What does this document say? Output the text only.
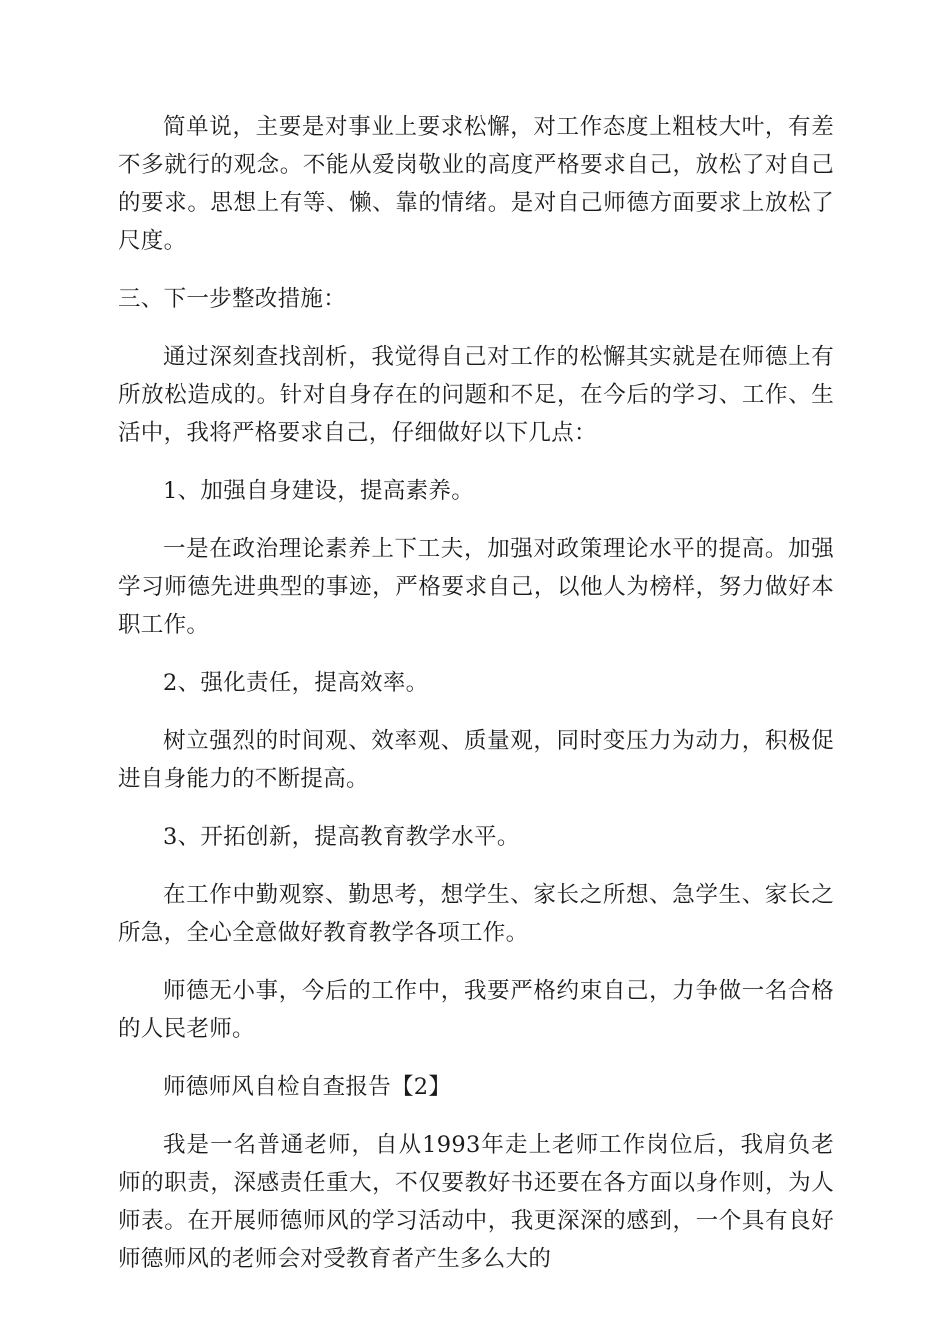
简单说，主要是对事业上要求松懈，对工作态度上粗枝大叶，有差不多就行的观念。不能从爱岗敬业的高度严格要求自己，放松了对自己的要求。思想上有等、懒、靠的情绪。是对自己师德方面要求上放松了尺度。

三、下一步整改措施：

通过深刻查找剖析，我觉得自己对工作的松懈其实就是在师德上有所放松造成的。针对自身存在的问题和不足，在今后的学习、工作、生活中，我将严格要求自己，仔细做好以下几点：

1、加强自身建设，提高素养。

一是在政治理论素养上下工夫，加强对政策理论水平的提高。加强学习师德先进典型的事迹，严格要求自己，以他人为榜样，努力做好本职工作。

2、强化责任，提高效率。

树立强烈的时间观、效率观、质量观，同时变压力为动力，积极促进自身能力的不断提高。

3、开拓创新，提高教育教学水平。

在工作中勤观察、勤思考，想学生、家长之所想、急学生、家长之所急，全心全意做好教育教学各项工作。

师德无小事，今后的工作中，我要严格约束自己，力争做一名合格的人民老师。

师德师风自检自查报告【2】

我是一名普通老师，自从1993年走上老师工作岗位后，我肩负老师的职责，深感责任重大，不仅要教好书还要在各方面以身作则，为人师表。在开展师德师风的学习活动中，我更深深的感到，一个具有良好师德师风的老师会对受教育者产生多么大的
